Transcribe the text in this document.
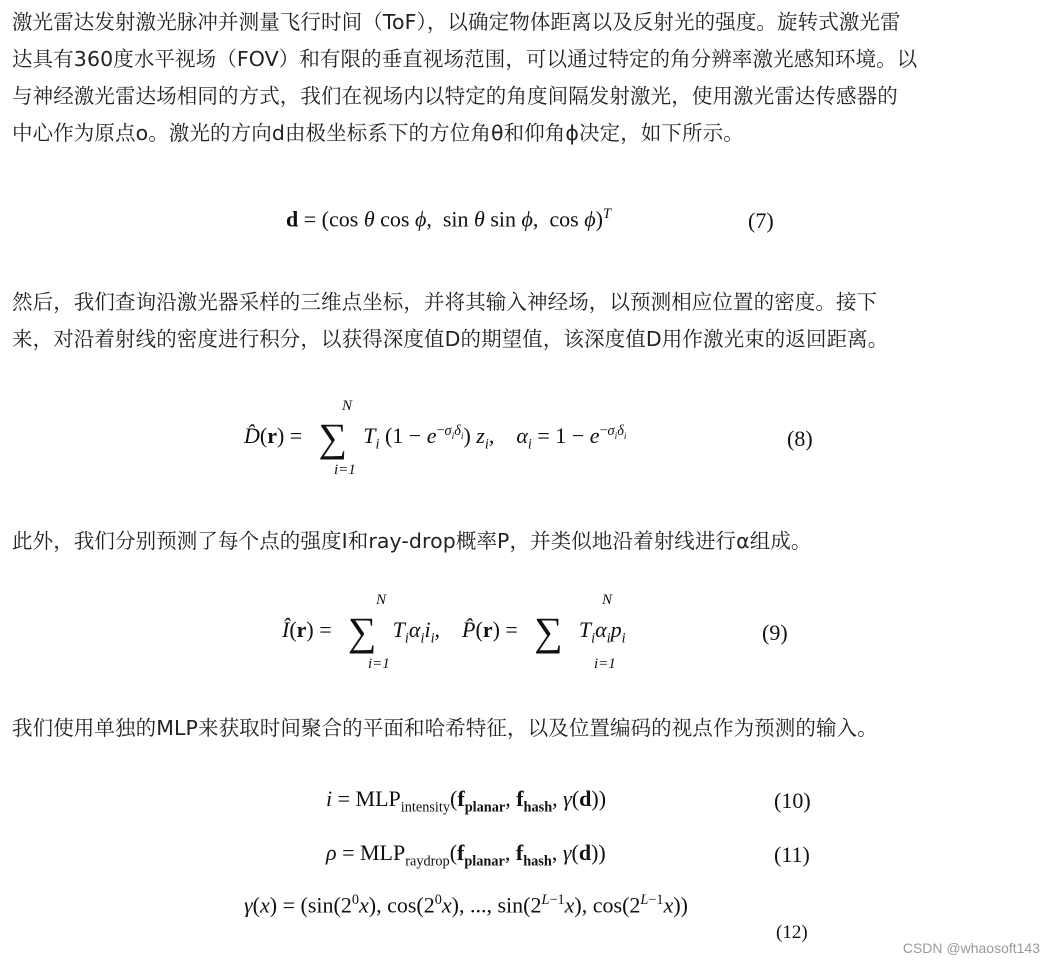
激光雷达发射激光脉冲并测量飞行时间（ToF），以确定物体距离以及反射光的强度。旋转式激光雷
达具有360度水平视场（FOV）和有限的垂直视场范围，可以通过特定的角分辨率激光感知环境。以
与神经激光雷达场相同的方式，我们在视场内以特定的角度间隔发射激光，使用激光雷达传感器的
中心作为原点o。激光的方向d由极坐标系下的方位角θ和仰角ϕ决定，如下所示。

d = (cos θ cos ϕ,  sin θ sin ϕ,  cos ϕ)$^T$	(7)

然后，我们查询沿激光器采样的三维点坐标，并将其输入神经场，以预测相应位置的密度。接下
来，对沿着射线的密度进行积分，以获得深度值D的期望值，该深度值D用作激光束的返回距离。

D̂(r) = ∑ $T_i$ $(1 - e^{-\sigma_i\delta_i})$ $z_i$,    $\alpha_i = 1 - e^{-\sigma_i\delta_i}$
N
i=1
(8)

此外，我们分别预测了每个点的强度I和ray-drop概率P，并类似地沿着射线进行α组成。

Î(r) = ∑ $T_i\alpha_ii_i$,    P̂(r) = ∑ $T_i\alpha_ip_i$
N
i=1
N
i=1
(9)

我们使用单独的MLP来获取时间聚合的平面和哈希特征，以及位置编码的视点作为预测的输入。

$i = MLP_{intensity}(f_{planar}$, $f_{hash}$, γ(d))	(10)
$\rho = MLP_{raydrop}(f_{planar}$, $f_{hash}$, γ(d))	(11)
$\gamma(x) = (\sin(2^0x)$, $\cos(2^0x)$, ..., $\sin(2^{L-1}x)$, $\cos(2^{L-1}x)$)
(12)
CSDN @whaosoft143
